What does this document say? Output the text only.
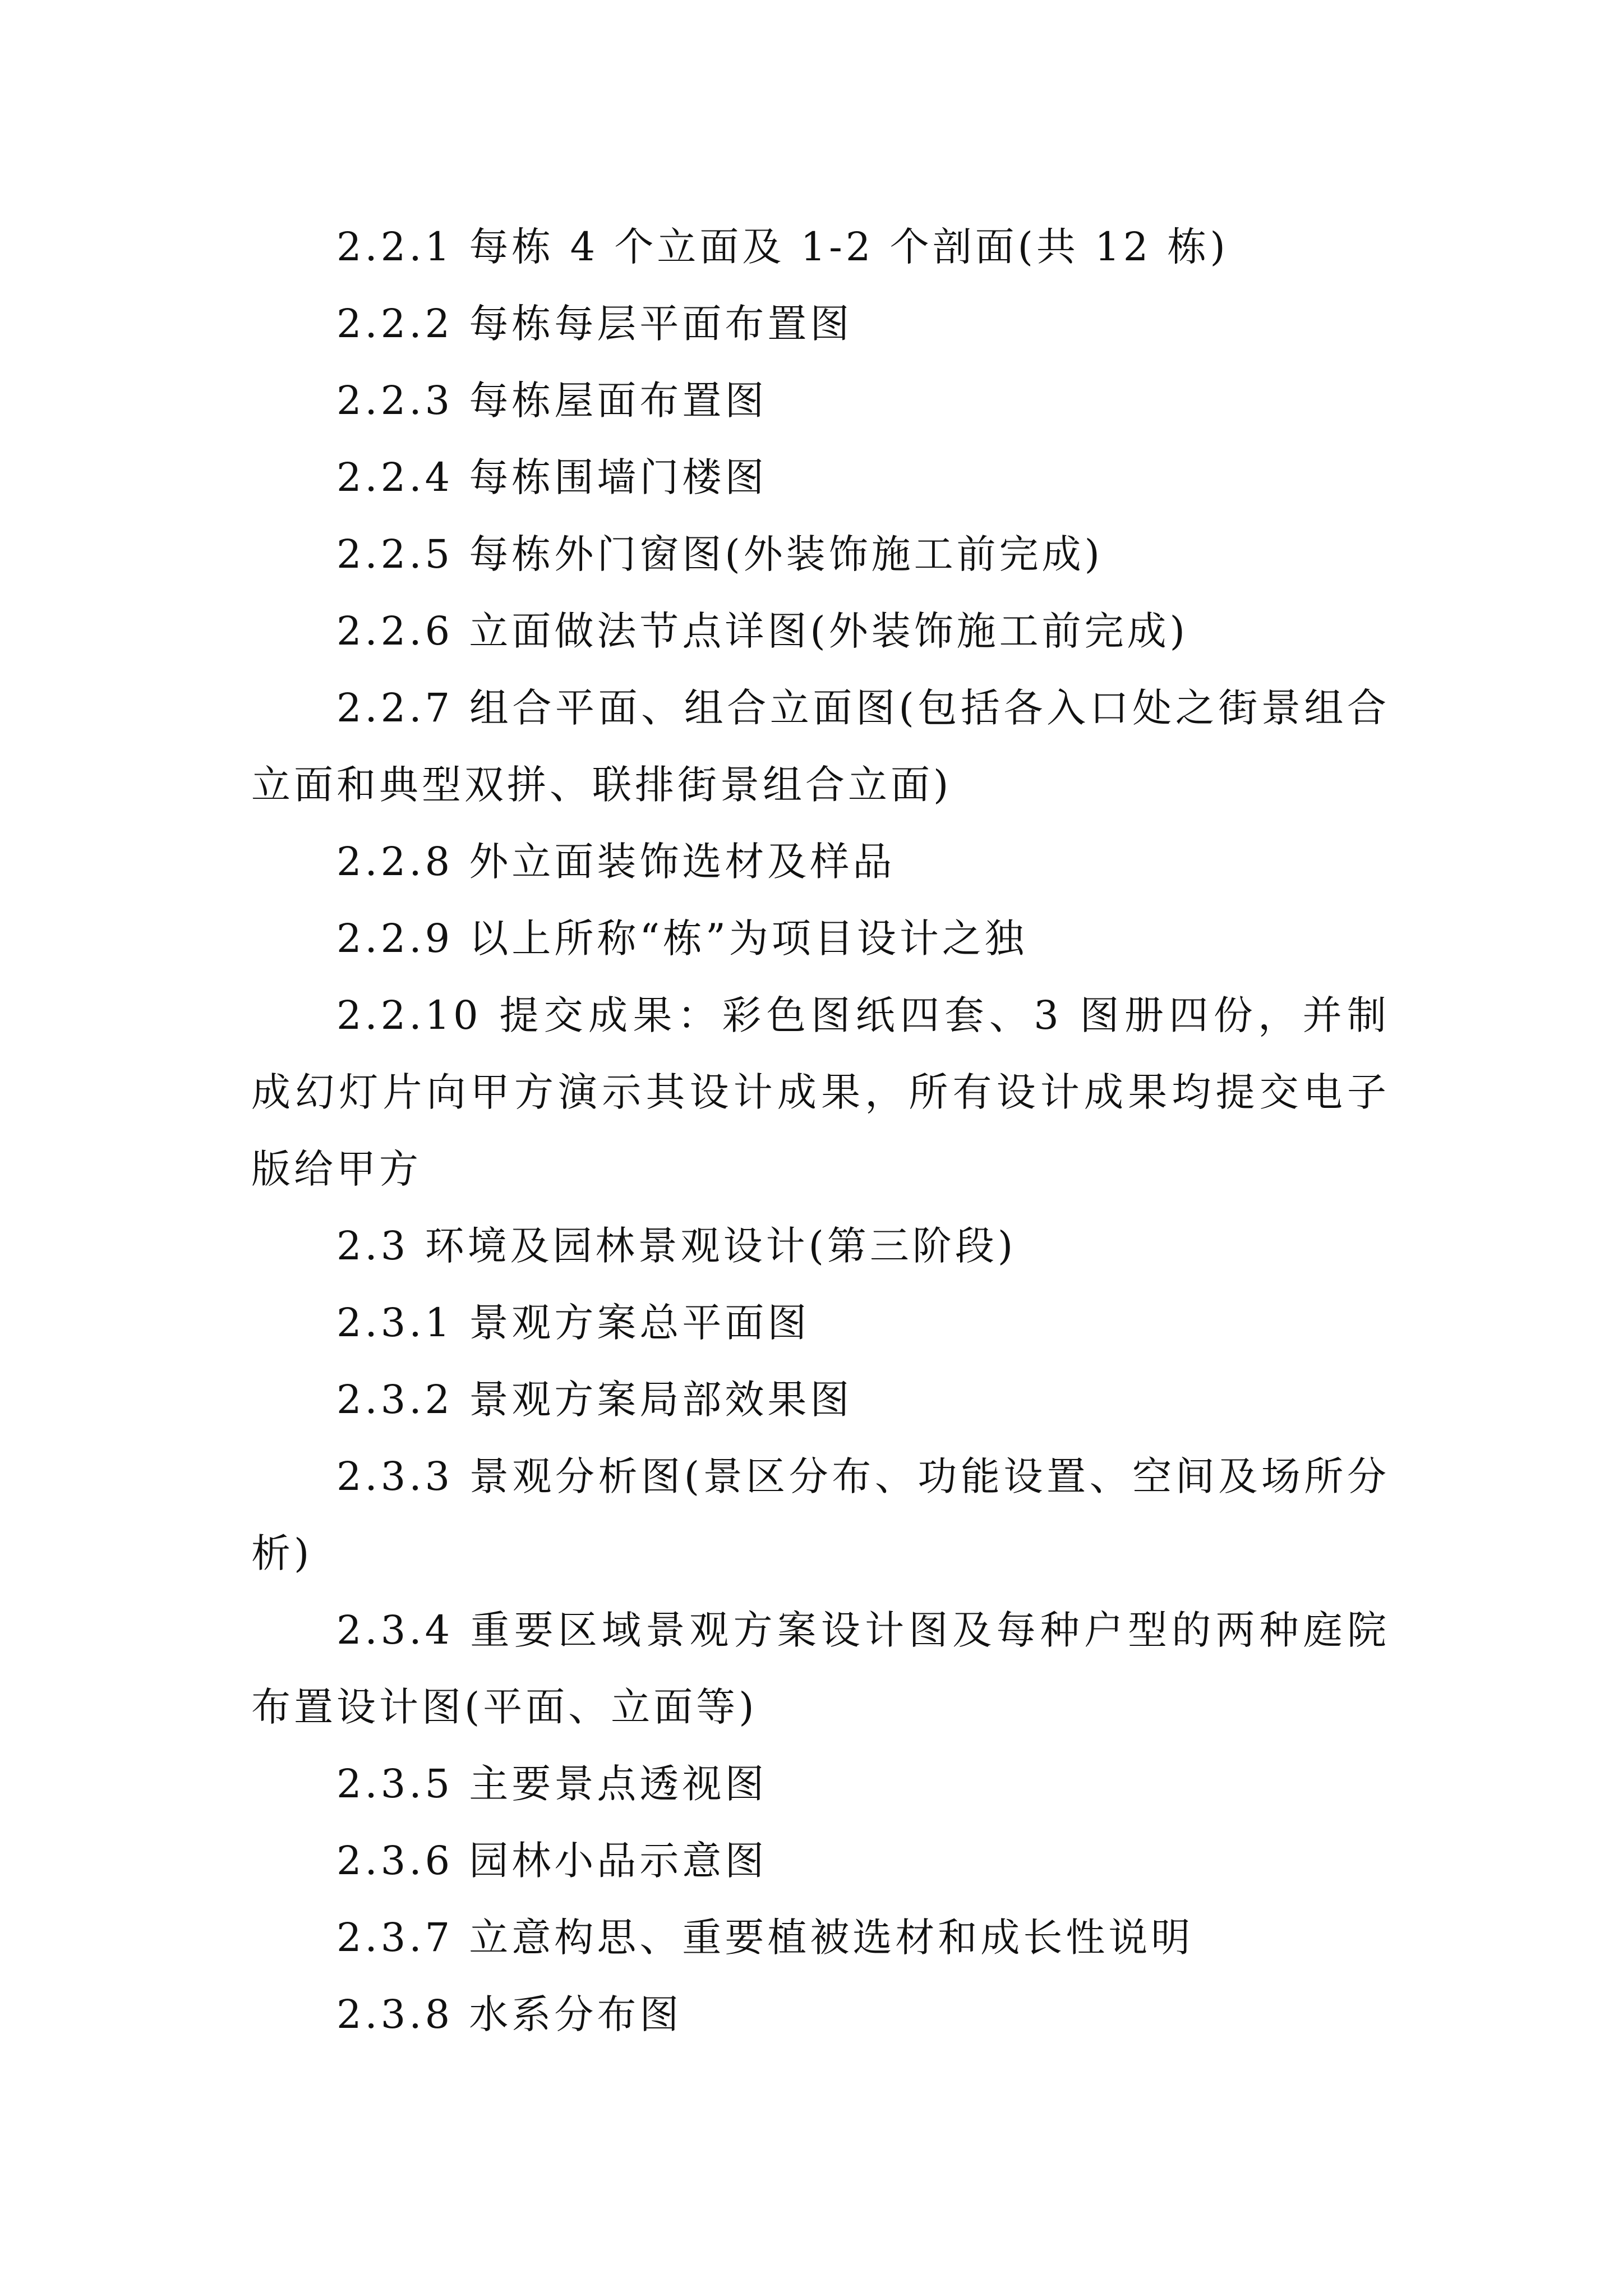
2.2.1 每栋 4 个立面及 1-2 个剖面(共 12 栋)

2.2.2 每栋每层平面布置图

2.2.3 每栋屋面布置图

2.2.4 每栋围墙门楼图

2.2.5 每栋外门窗图(外装饰施工前完成)

2.2.6 立面做法节点详图(外装饰施工前完成)

2.2.7 组合平面、组合立面图(包括各入口处之街景组合立面和典型双拼、联排街景组合立面)

2.2.8 外立面装饰选材及样品

2.2.9 以上所称“栋”为项目设计之独

2.2.10 提交成果：彩色图纸四套、3 图册四份，并制成幻灯片向甲方演示其设计成果，所有设计成果均提交电子版给甲方

2.3 环境及园林景观设计(第三阶段)

2.3.1 景观方案总平面图

2.3.2 景观方案局部效果图

2.3.3 景观分析图(景区分布、功能设置、空间及场所分析)

2.3.4 重要区域景观方案设计图及每种户型的两种庭院布置设计图(平面、立面等)

2.3.5 主要景点透视图

2.3.6 园林小品示意图

2.3.7 立意构思、重要植被选材和成长性说明

2.3.8 水系分布图
